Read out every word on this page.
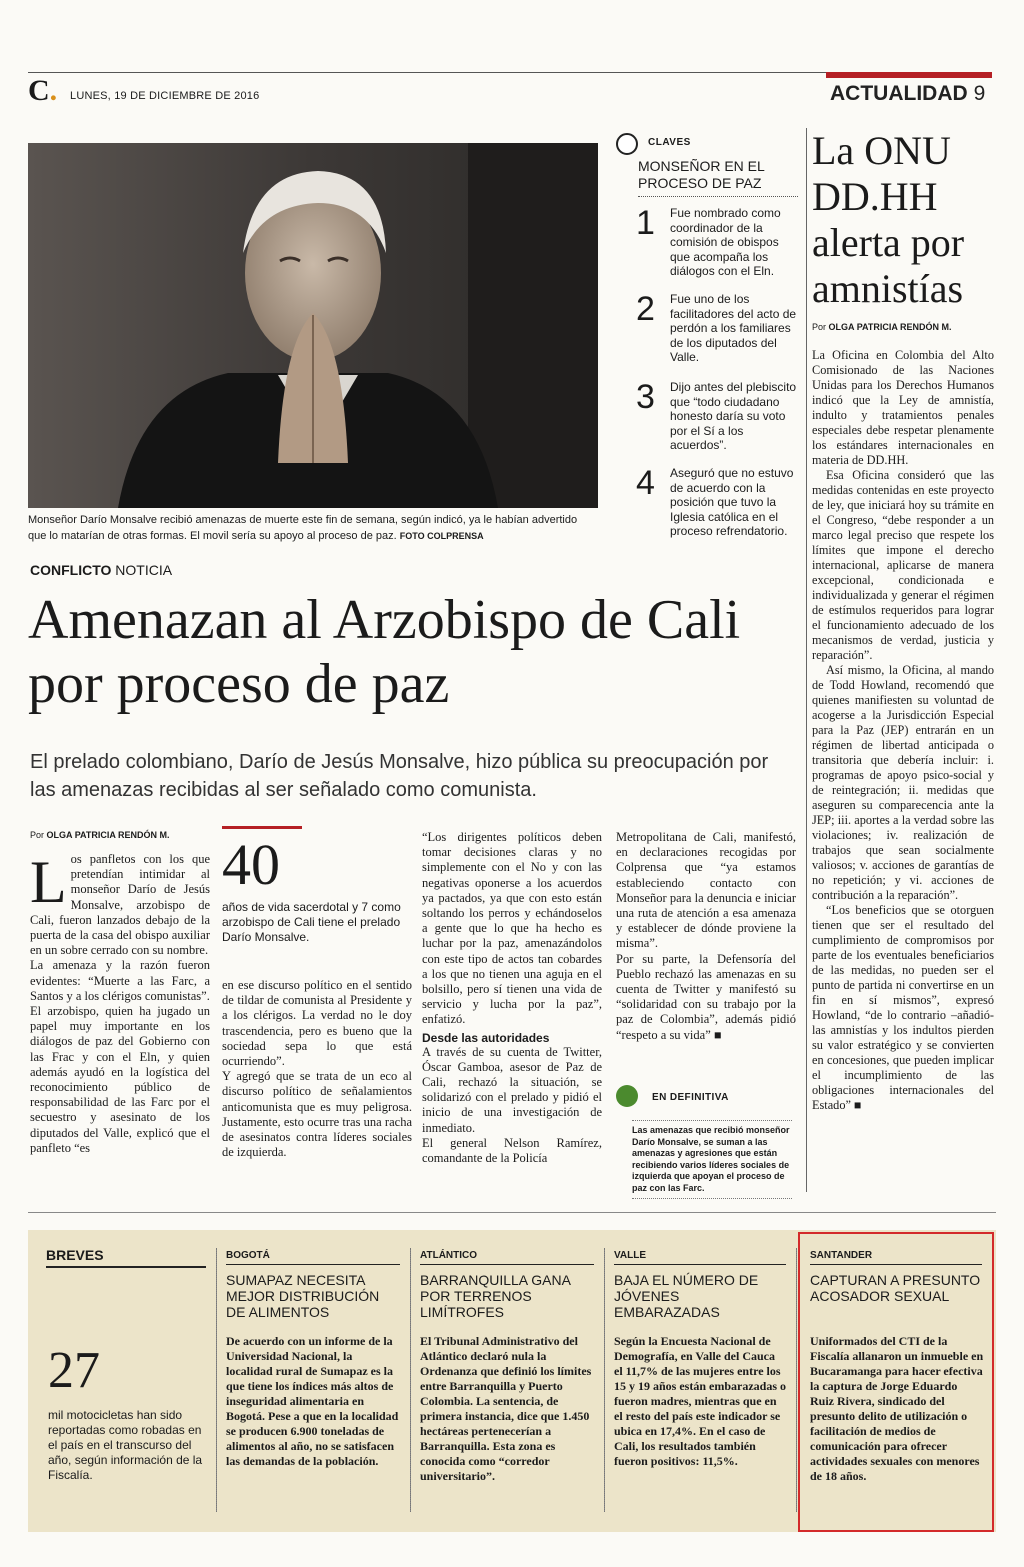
C. LUNES, 19 DE DICIEMBRE DE 2016	ACTUALIDAD 9
Monseñor Darío Monsalve recibió amenazas de muerte este fin de semana, según indicó, ya le habían advertido que lo matarían de otras formas. El movil sería su apoyo al proceso de paz. FOTO COLPRENSA
CLAVES
MONSEÑOR EN EL PROCESO DE PAZ
1 Fue nombrado como coordinador de la comisión de obispos que acompaña los diálogos con el Eln.
2 Fue uno de los facilitadores del acto de perdón a los familiares de los diputados del Valle.
3 Dijo antes del plebiscito que “todo ciudadano honesto daría su voto por el Sí a los acuerdos”.
4 Aseguró que no estuvo de acuerdo con la posición que tuvo la Iglesia católica en el proceso refrendatorio.
CONFLICTO NOTICIA
Amenazan al Arzobispo de Cali por proceso de paz
El prelado colombiano, Darío de Jesús Monsalve, hizo pública su preocupación por las amenazas recibidas al ser señalado como comunista.
Por OLGA PATRICIA RENDÓN M.
L os panfletos con los que pretendían intimidar al monseñor Darío de Jesús Monsalve, arzobispo de Cali, fueron lanzados debajo de la puerta de la casa del obispo auxiliar en un sobre cerrado con su nombre.

La amenaza y la razón fueron evidentes: “Muerte a las Farc, a Santos y a los clérigos comunistas”.

El arzobispo, quien ha jugado un papel muy importante en los diálogos de paz del Gobierno con las Frac y con el Eln, y quien además ayudó en la logística del reconocimiento público de responsabilidad de las Farc por el secuestro y asesinato de los diputados del Valle, explicó que el panfleto “es

40
años de vida sacerdotal y 7 como arzobispo de Cali tiene el prelado Darío Monsalve.

en ese discurso político en el sentido de tildar de comunista al Presidente y a los clérigos. La verdad no le doy trascendencia, pero es bueno que la sociedad sepa lo que está ocurriendo”.

Y agregó que se trata de un eco al discurso político de señalamientos anticomunista que es muy peligrosa. Justamente, esto ocurre tras una racha de asesinatos contra líderes sociales de izquierda.

“Los dirigentes políticos deben tomar decisiones claras y no simplemente con el No y con las negativas oponerse a los acuerdos ya pactados, ya que con esto están soltando los perros y echándoselos a gente que lo que ha hecho es luchar por la paz, amenazándolos con este tipo de actos tan cobardes a los que no tienen una aguja en el bolsillo, pero sí tienen una vida de servicio y lucha por la paz”, enfatizó.

Desde las autoridades

A través de su cuenta de Twitter, Óscar Gamboa, asesor de Paz de Cali, rechazó la situación, se solidarizó con el prelado y pidió el inicio de una investigación de inmediato.

El general Nelson Ramírez, comandante de la Policía

Metropolitana de Cali, manifestó, en declaraciones recogidas por Colprensa que “ya estamos estableciendo contacto con Monseñor para la denuncia e iniciar una ruta de atención a esa amenaza y establecer de dónde proviene la misma”.

Por su parte, la Defensoría del Pueblo rechazó las amenazas en su cuenta de Twitter y manifestó su “solidaridad con su trabajo por la paz de Colombia”, además pidió “respeto a su vida” ■

EN DEFINITIVA
Las amenazas que recibió monseñor Darío Monsalve, se suman a las amenazas y agresiones que están recibiendo varios líderes sociales de izquierda que apoyan el proceso de paz con las Farc.
La ONU DD.HH alerta por amnistías
Por OLGA PATRICIA RENDÓN M.

La Oficina en Colombia del Alto Comisionado de las Naciones Unidas para los Derechos Humanos indicó que la Ley de amnistía, indulto y tratamientos penales especiales debe respetar plenamente los estándares internacionales en materia de DD.HH.

Esa Oficina consideró que las medidas contenidas en este proyecto de ley, que iniciará hoy su trámite en el Congreso, “debe responder a un marco legal preciso que respete los límites que impone el derecho internacional, aplicarse de manera excepcional, condicionada e individualizada y generar el régimen de estímulos requeridos para lograr el funcionamiento adecuado de los mecanismos de verdad, justicia y reparación”.

Así mismo, la Oficina, al mando de Todd Howland, recomendó que quienes manifiesten su voluntad de acogerse a la Jurisdicción Especial para la Paz (JEP) entrarán en un régimen de libertad anticipada o transitoria que debería incluir: i. programas de apoyo psico-social y de reintegración; ii. medidas que aseguren su comparecencia ante la JEP; iii. aportes a la verdad sobre las violaciones; iv. realización de trabajos que sean socialmente valiosos; v. acciones de garantías de no repetición; y vi. acciones de contribución a la reparación”.

“Los beneficios que se otorguen tienen que ser el resultado del cumplimiento de compromisos por parte de los eventuales beneficiarios de las medidas, no pueden ser el punto de partida ni convertirse en un fin en sí mismos”, expresó Howland, “de lo contrario –añadió- las amnistías y los indultos pierden su valor estratégico y se convierten en concesiones, que pueden implicar el incumplimiento de las obligaciones internacionales del Estado” ■

BREVES
27
mil motocicletas han sido reportadas como robadas en el país en el transcurso del año, según información de la Fiscalía.
BOGOTÁ
SUMAPAZ NECESITA MEJOR DISTRIBUCIÓN DE ALIMENTOS
De acuerdo con un informe de la Universidad Nacional, la localidad rural de Sumapaz es la que tiene los índices más altos de inseguridad alimentaria en Bogotá. Pese a que en la localidad se producen 6.900 toneladas de alimentos al año, no se satisfacen las demandas de la población.
ATLÁNTICO
BARRANQUILLA GANA POR TERRENOS LIMÍTROFES
El Tribunal Administrativo del Atlántico declaró nula la Ordenanza que definió los límites entre Barranquilla y Puerto Colombia. La sentencia, de primera instancia, dice que 1.450 hectáreas pertenecerían a Barranquilla. Esta zona es conocida como “corredor universitario”.
VALLE
BAJA EL NÚMERO DE JÓVENES EMBARAZADAS
Según la Encuesta Nacional de Demografía, en Valle del Cauca el 11,7% de las mujeres entre los 15 y 19 años están embarazadas o fueron madres, mientras que en el resto del país este indicador se ubica en 17,4%. En el caso de Cali, los resultados también fueron positivos: 11,5%.
SANTANDER
CAPTURAN A PRESUNTO ACOSADOR SEXUAL
Uniformados del CTI de la Fiscalía allanaron un inmueble en Bucaramanga para hacer efectiva la captura de Jorge Eduardo Ruiz Rivera, sindicado del presunto delito de utilización o facilitación de medios de comunicación para ofrecer actividades sexuales con menores de 18 años.
